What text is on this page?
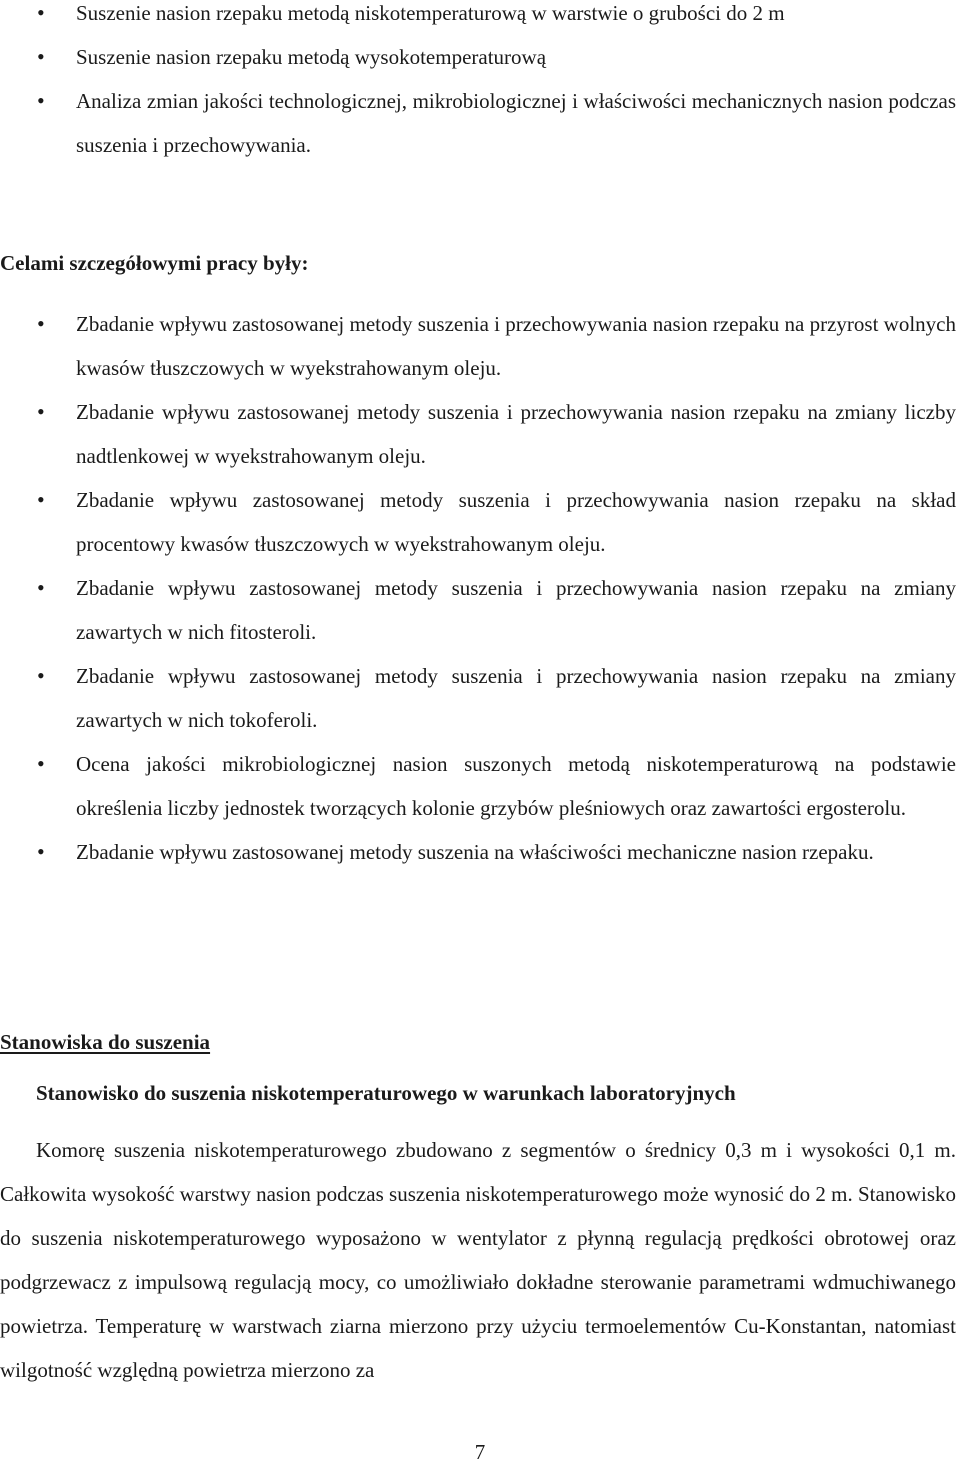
• Suszenie nasion rzepaku metodą niskotemperaturową w warstwie o grubości do 2 m
• Suszenie nasion rzepaku metodą wysokotemperaturową
• Analiza zmian jakości technologicznej, mikrobiologicznej i właściwości mechanicznych nasion podczas suszenia i przechowywania.
Celami szczegółowymi pracy były:
• Zbadanie wpływu zastosowanej metody suszenia i przechowywania nasion rzepaku na przyrost wolnych kwasów tłuszczowych w wyekstrahowanym oleju.
• Zbadanie wpływu zastosowanej metody suszenia i przechowywania nasion rzepaku na zmiany liczby nadtlenkowej w wyekstrahowanym oleju.
• Zbadanie wpływu zastosowanej metody suszenia i przechowywania nasion rzepaku na skład procentowy kwasów tłuszczowych w wyekstrahowanym oleju.
• Zbadanie wpływu zastosowanej metody suszenia i przechowywania nasion rzepaku na zmiany zawartych w nich fitosteroli.
• Zbadanie wpływu zastosowanej metody suszenia i przechowywania nasion rzepaku na zmiany zawartych w nich tokoferoli.
• Ocena jakości mikrobiologicznej nasion suszonych metodą niskotemperaturową na podstawie określenia liczby jednostek tworzących kolonie grzybów pleśniowych oraz zawartości ergosterolu.
• Zbadanie wpływu zastosowanej metody suszenia na właściwości mechaniczne nasion rzepaku.
Stanowiska do suszenia
Stanowisko do suszenia niskotemperaturowego w warunkach laboratoryjnych

Komorę suszenia niskotemperaturowego zbudowano z segmentów o średnicy 0,3 m i wysokości 0,1 m. Całkowita wysokość warstwy nasion podczas suszenia niskotemperaturowego może wynosić do 2 m. Stanowisko do suszenia niskotemperaturowego wyposażono w wentylator z płynną regulacją prędkości obrotowej oraz podgrzewacz z impulsową regulacją mocy, co umożliwiało dokładne sterowanie parametrami wdmuchiwanego powietrza. Temperaturę w warstwach ziarna mierzono przy użyciu termoelementów Cu-Konstantan, natomiast wilgotność względną powietrza mierzono za

7
